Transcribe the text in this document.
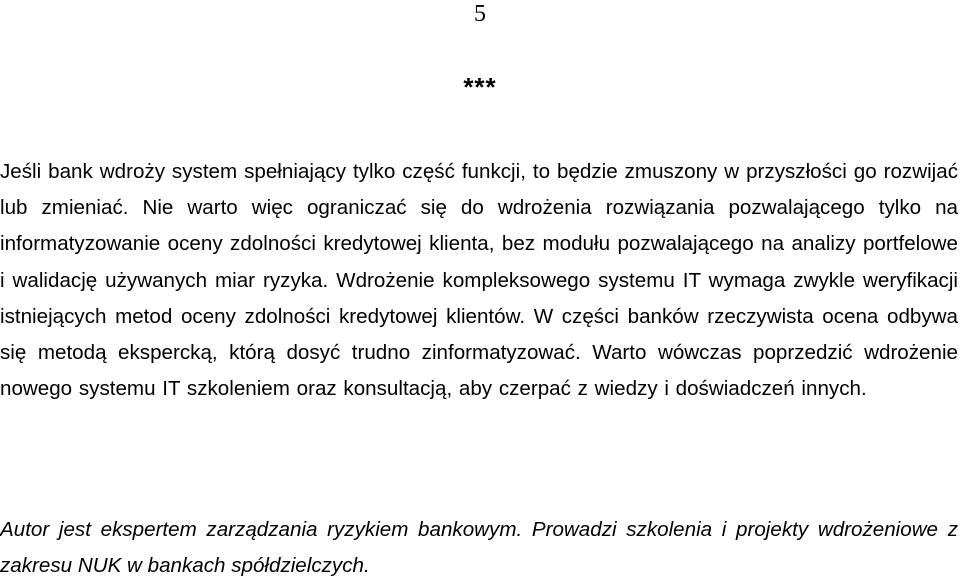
5
***

Jeśli bank wdroży system spełniający tylko część funkcji, to będzie zmuszony w przyszłości go rozwijać lub zmieniać. Nie warto więc ograniczać się do wdrożenia rozwiązania pozwalającego tylko na informatyzowanie oceny zdolności kredytowej klienta, bez modułu pozwalającego na analizy portfelowe i walidację używanych miar ryzyka. Wdrożenie kompleksowego systemu IT wymaga zwykle weryfikacji istniejących metod oceny zdolności kredytowej klientów. W części banków rzeczywista ocena odbywa się metodą ekspercką, którą dosyć trudno zinformatyzować. Warto wówczas poprzedzić wdrożenie nowego systemu IT szkoleniem oraz konsultacją, aby czerpać z wiedzy i doświadczeń innych.

Autor jest ekspertem zarządzania ryzykiem bankowym. Prowadzi szkolenia i projekty wdrożeniowe z zakresu NUK w bankach spółdzielczych.
